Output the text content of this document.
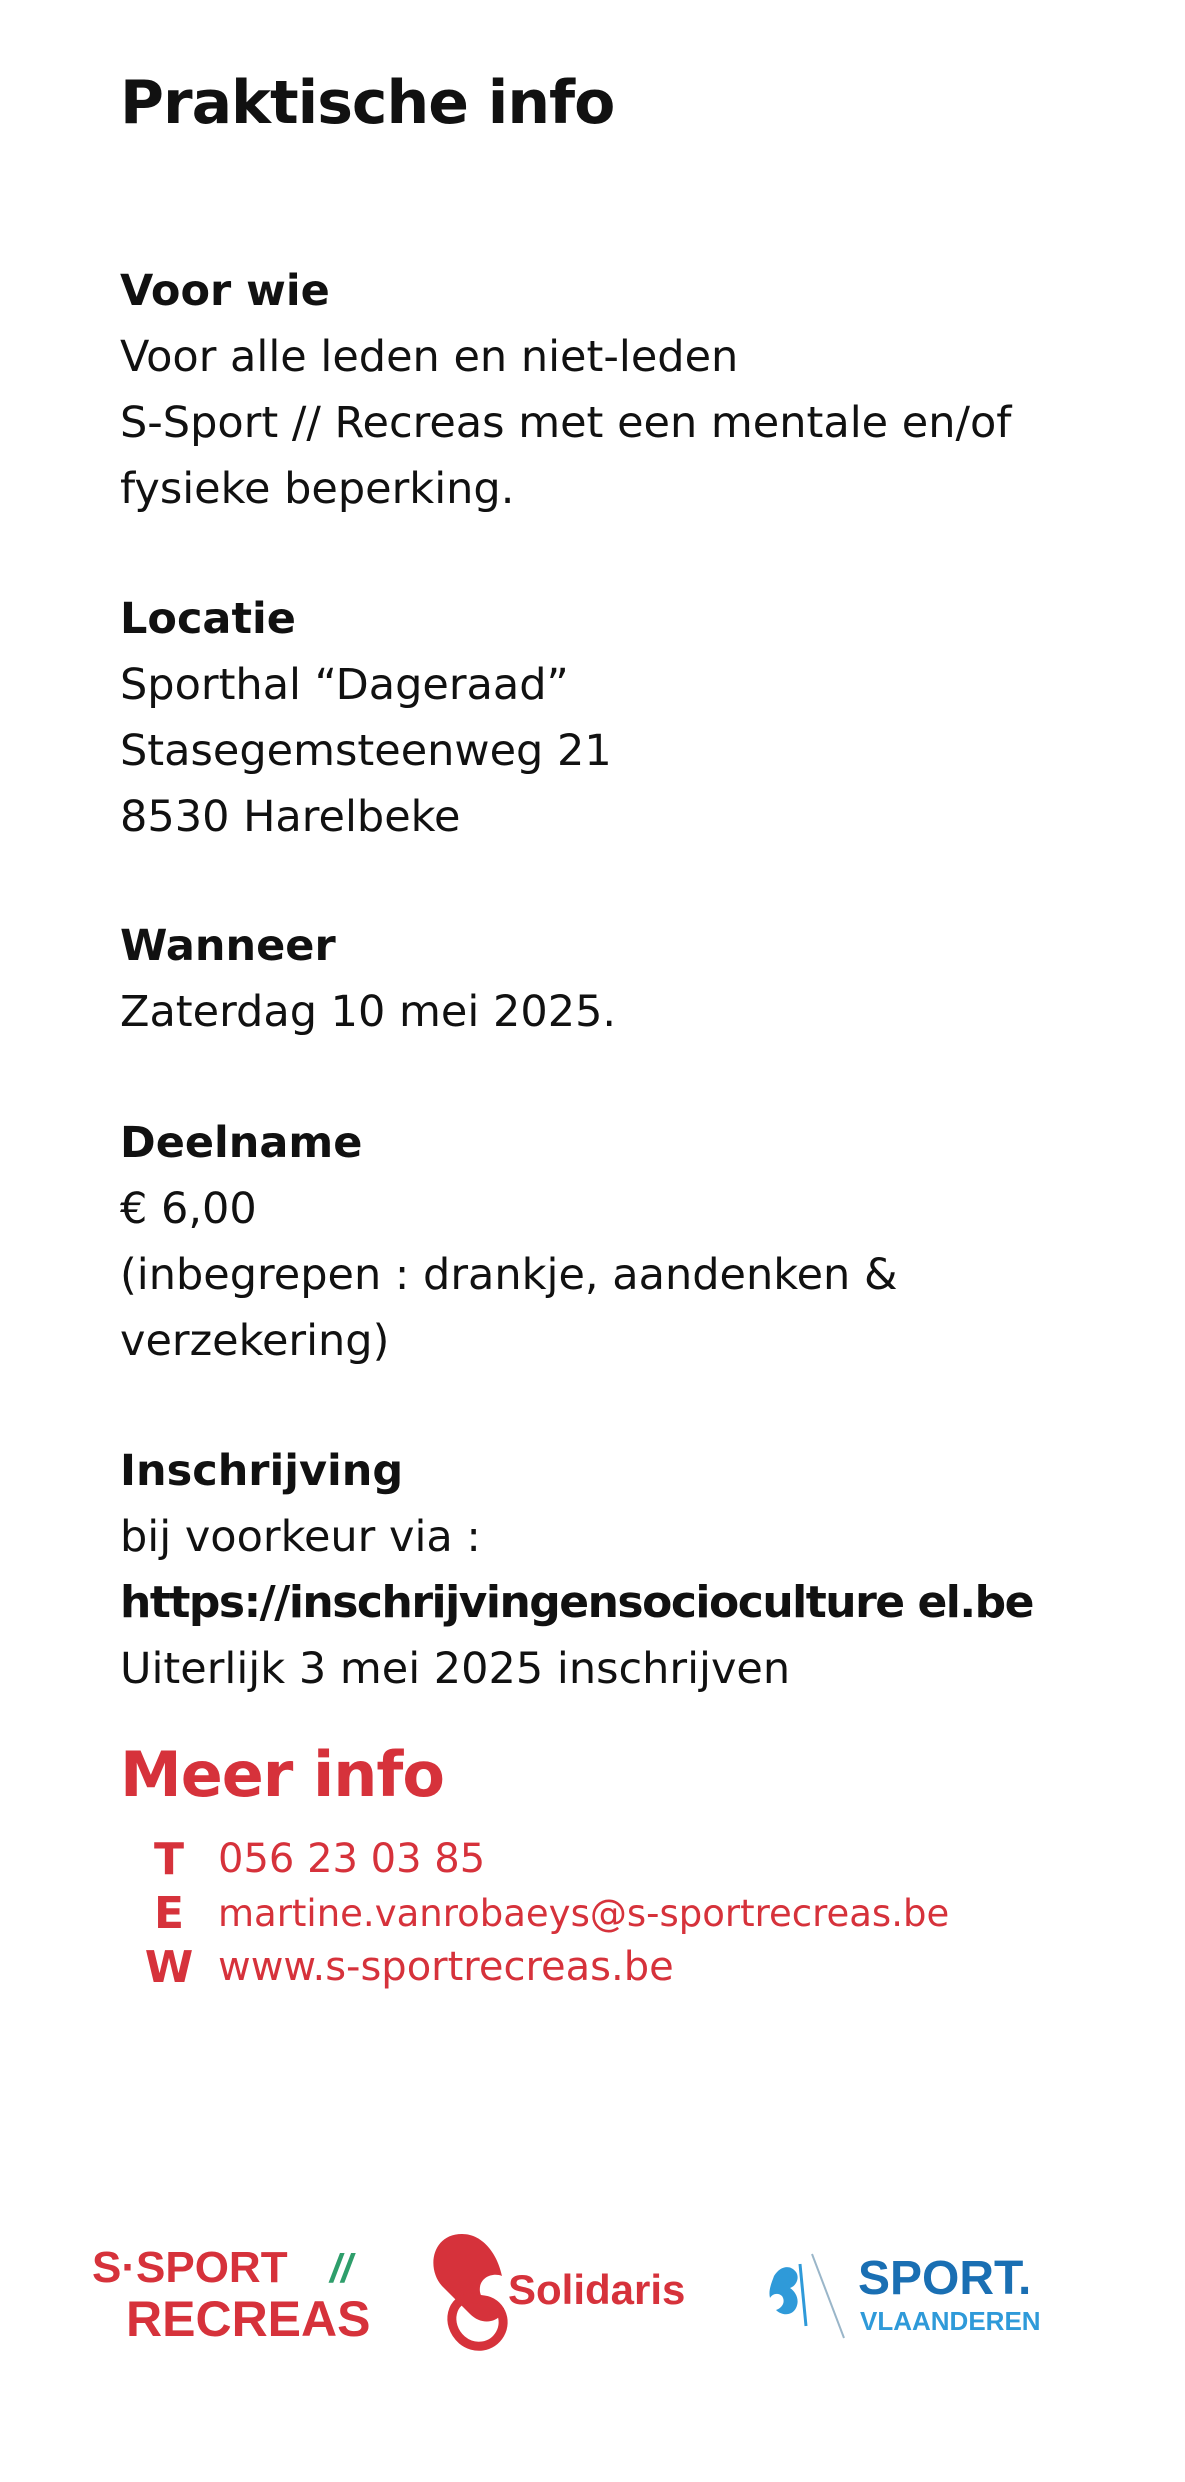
Praktische info

Voor wie

Voor alle leden en niet-leden

S-Sport // Recreas met een mentale en/of

fysieke beperking.

Locatie

Sporthal “Dageraad”

Stasegemsteenweg 21

8530 Harelbeke

Wanneer

Zaterdag 10 mei 2025.

Deelname

€ 6,00

(inbegrepen : drankje, aandenken &

verzekering)

Inschrijving

bij voorkeur via :

https://inschrijvingensocioculture el.be

Uiterlijk 3 mei 2025 inschrijven

Meer info
T 056 23 03 85
E martine.vanrobaeys@s-sportrecreas.be
W www.s-sportrecreas.be
S·SPORT //
RECREAS
Solidaris	SPORT.
VLAANDEREN
